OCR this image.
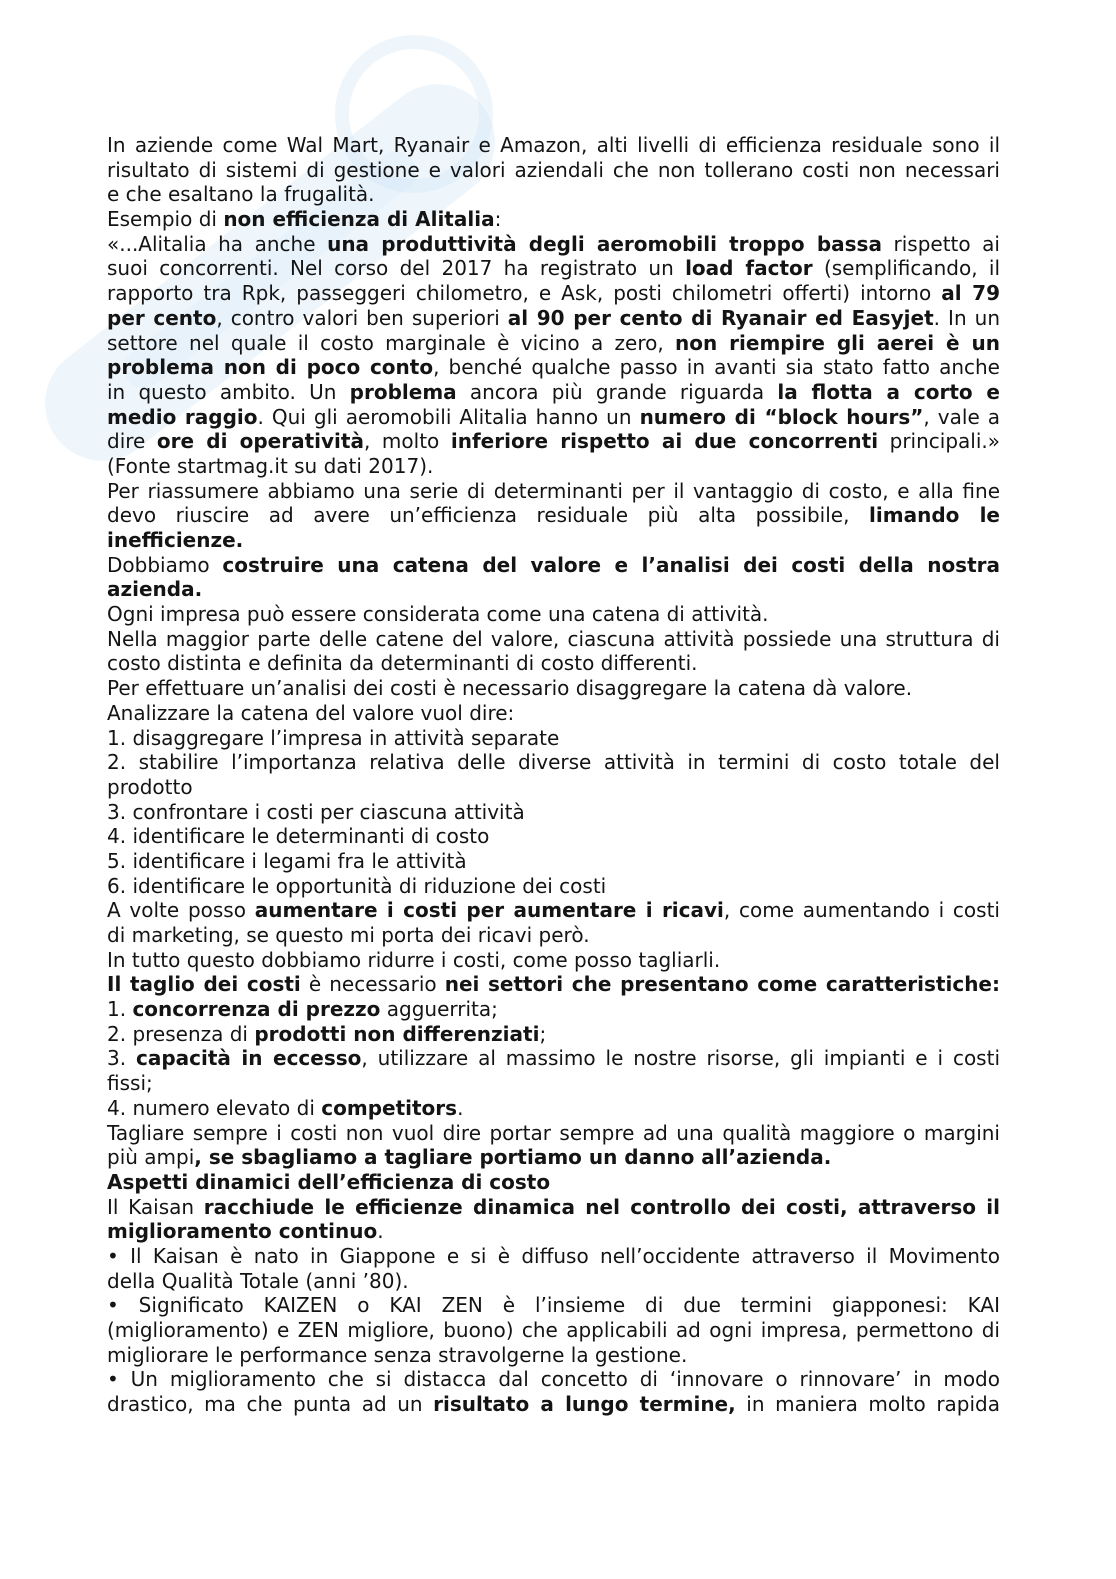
In aziende come Wal Mart, Ryanair e Amazon, alti livelli di efficienza residuale sono il
risultato di sistemi di gestione e valori aziendali che non tollerano costi non necessari
e che esaltano la frugalità.
Esempio di non efficienza di Alitalia:
«...Alitalia ha anche una produttività degli aeromobili troppo bassa rispetto ai
suoi concorrenti. Nel corso del 2017 ha registrato un load factor (semplificando, il
rapporto tra Rpk, passeggeri chilometro, e Ask, posti chilometri offerti) intorno al 79
per cento, contro valori ben superiori al 90 per cento di Ryanair ed Easyjet. In un
settore nel quale il costo marginale è vicino a zero, non riempire gli aerei è un
problema non di poco conto, benché qualche passo in avanti sia stato fatto anche
in questo ambito. Un problema ancora più grande riguarda la flotta a corto e
medio raggio. Qui gli aeromobili Alitalia hanno un numero di “block hours”, vale a
dire ore di operatività, molto inferiore rispetto ai due concorrenti principali.»
(Fonte startmag.it su dati 2017).
Per riassumere abbiamo una serie di determinanti per il vantaggio di costo, e alla fine
devo riuscire ad avere un’efficienza residuale più alta possibile, limando le
inefficienze.
Dobbiamo costruire una catena del valore e l’analisi dei costi della nostra
azienda.
Ogni impresa può essere considerata come una catena di attività.
Nella maggior parte delle catene del valore, ciascuna attività possiede una struttura di
costo distinta e definita da determinanti di costo differenti.
Per effettuare un’analisi dei costi è necessario disaggregare la catena dà valore.
Analizzare la catena del valore vuol dire:
1. disaggregare l’impresa in attività separate
2. stabilire l’importanza relativa delle diverse attività in termini di costo totale del
prodotto
3. confrontare i costi per ciascuna attività
4. identificare le determinanti di costo
5. identificare i legami fra le attività
6. identificare le opportunità di riduzione dei costi
A volte posso aumentare i costi per aumentare i ricavi, come aumentando i costi
di marketing, se questo mi porta dei ricavi però.
In tutto questo dobbiamo ridurre i costi, come posso tagliarli.
Il taglio dei costi è necessario nei settori che presentano come caratteristiche:
1. concorrenza di prezzo agguerrita;
2. presenza di prodotti non differenziati;
3. capacità in eccesso, utilizzare al massimo le nostre risorse, gli impianti e i costi
fissi;
4. numero elevato di competitors.
Tagliare sempre i costi non vuol dire portar sempre ad una qualità maggiore o margini
più ampi, se sbagliamo a tagliare portiamo un danno all’azienda.
Aspetti dinamici dell’efficienza di costo
Il Kaisan racchiude le efficienze dinamica nel controllo dei costi, attraverso il
miglioramento continuo.
• Il Kaisan è nato in Giappone e si è diffuso nell’occidente attraverso il Movimento
della Qualità Totale (anni ’80).
• Significato KAIZEN o KAI ZEN è l’insieme di due termini giapponesi: KAI
(miglioramento) e ZEN migliore, buono) che applicabili ad ogni impresa, permettono di
migliorare le performance senza stravolgerne la gestione.
• Un miglioramento che si distacca dal concetto di ‘innovare o rinnovare’ in modo
drastico, ma che punta ad un risultato a lungo termine, in maniera molto rapida
